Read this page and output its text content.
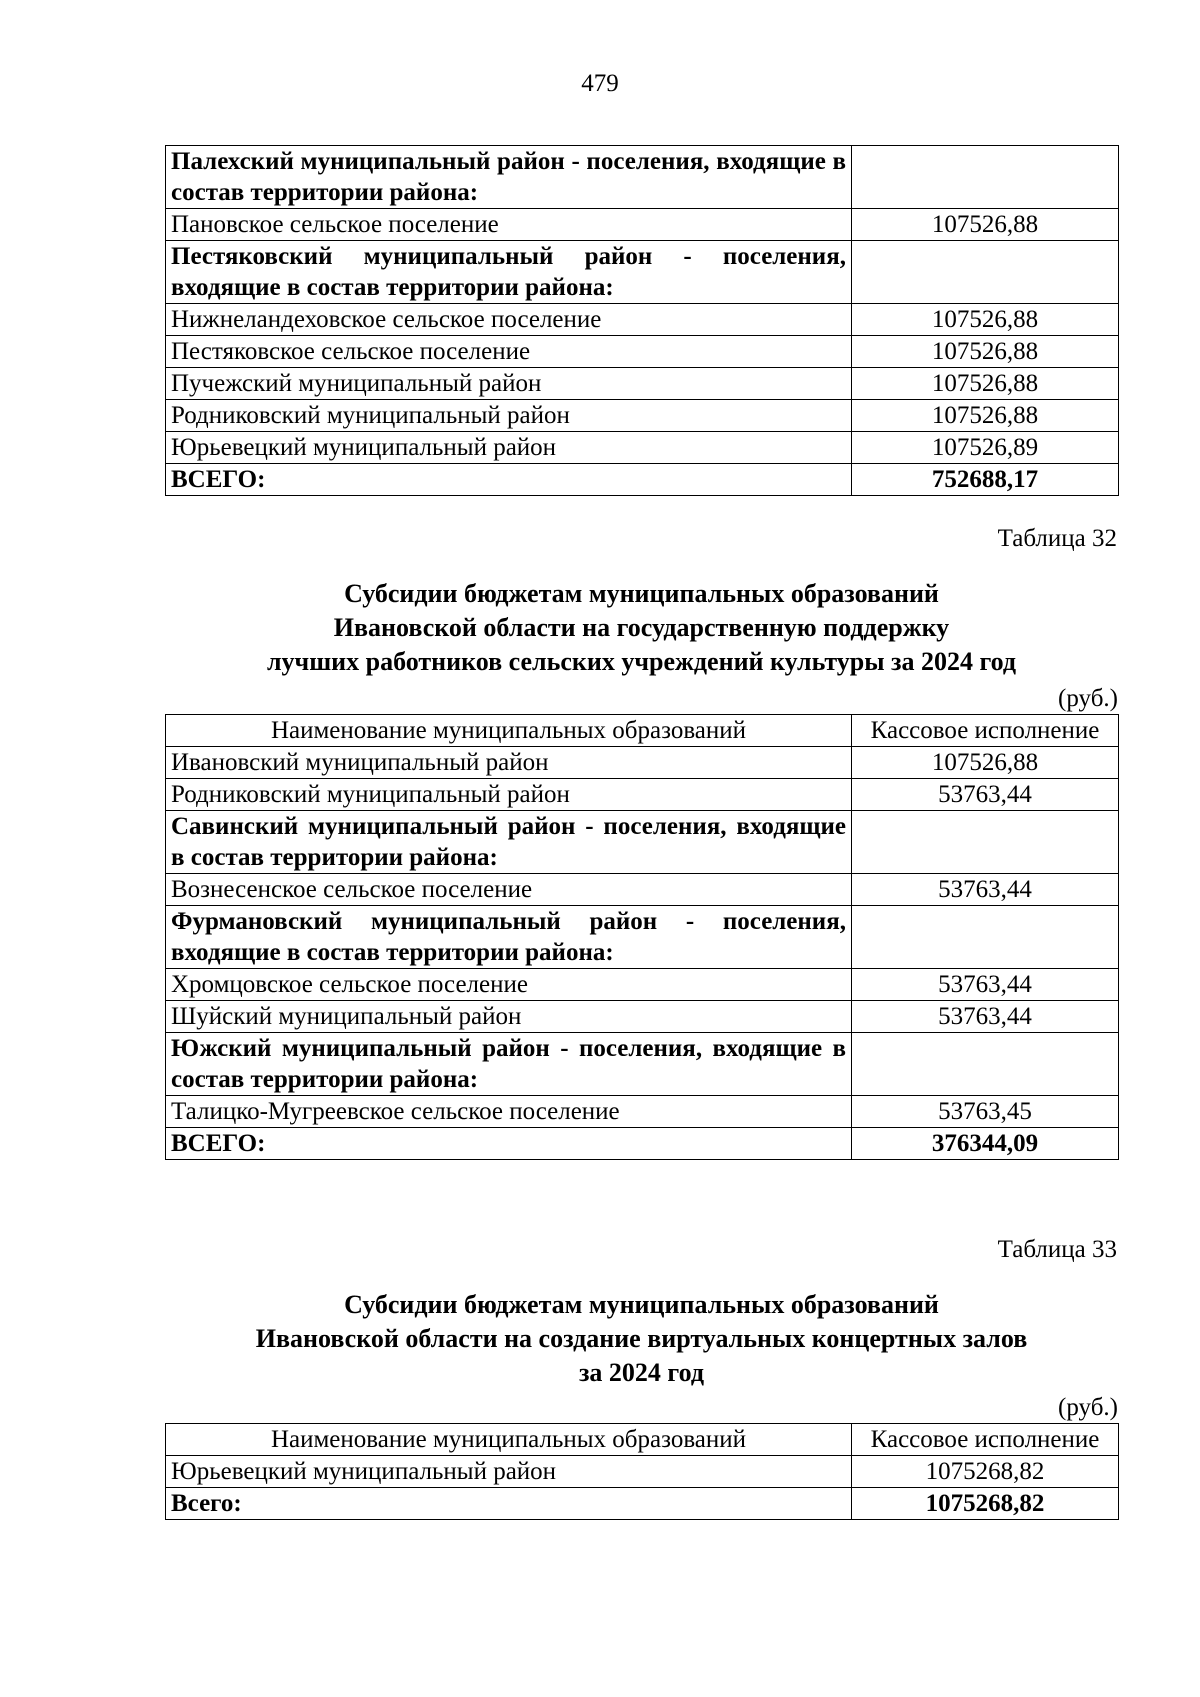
479
Палехский муниципальный район - поселения, входящие в состав территории района:	
Пановское сельское поселение	107526,88
Пестяковский муниципальный район - поселения, входящие в состав территории района:	
Нижнеландеховское сельское поселение	107526,88
Пестяковское сельское поселение	107526,88
Пучежский муниципальный район	107526,88
Родниковский муниципальный район	107526,88
Юрьевецкий муниципальный район	107526,89
ВСЕГО:	752688,17
Таблица 32
Субсидии бюджетам муниципальных образований
Ивановской области на государственную поддержку
лучших работников сельских учреждений культуры за 2024 год
(руб.)
Наименование муниципальных образований	Кассовое исполнение
Ивановский муниципальный район	107526,88
Родниковский муниципальный район	53763,44
Савинский муниципальный район - поселения, входящие в состав территории района:	
Вознесенское сельское поселение	53763,44
Фурмановский муниципальный район - поселения, входящие в состав территории района:	
Хромцовское сельское поселение	53763,44
Шуйский муниципальный район	53763,44
Южский муниципальный район - поселения, входящие в состав территории района:	
Талицко-Мугреевское сельское поселение	53763,45
ВСЕГО:	376344,09
Таблица 33
Субсидии бюджетам муниципальных образований
Ивановской области на создание виртуальных концертных залов
за 2024 год
(руб.)
Наименование муниципальных образований	Кассовое исполнение
Юрьевецкий муниципальный район	1075268,82
Всего:	1075268,82
